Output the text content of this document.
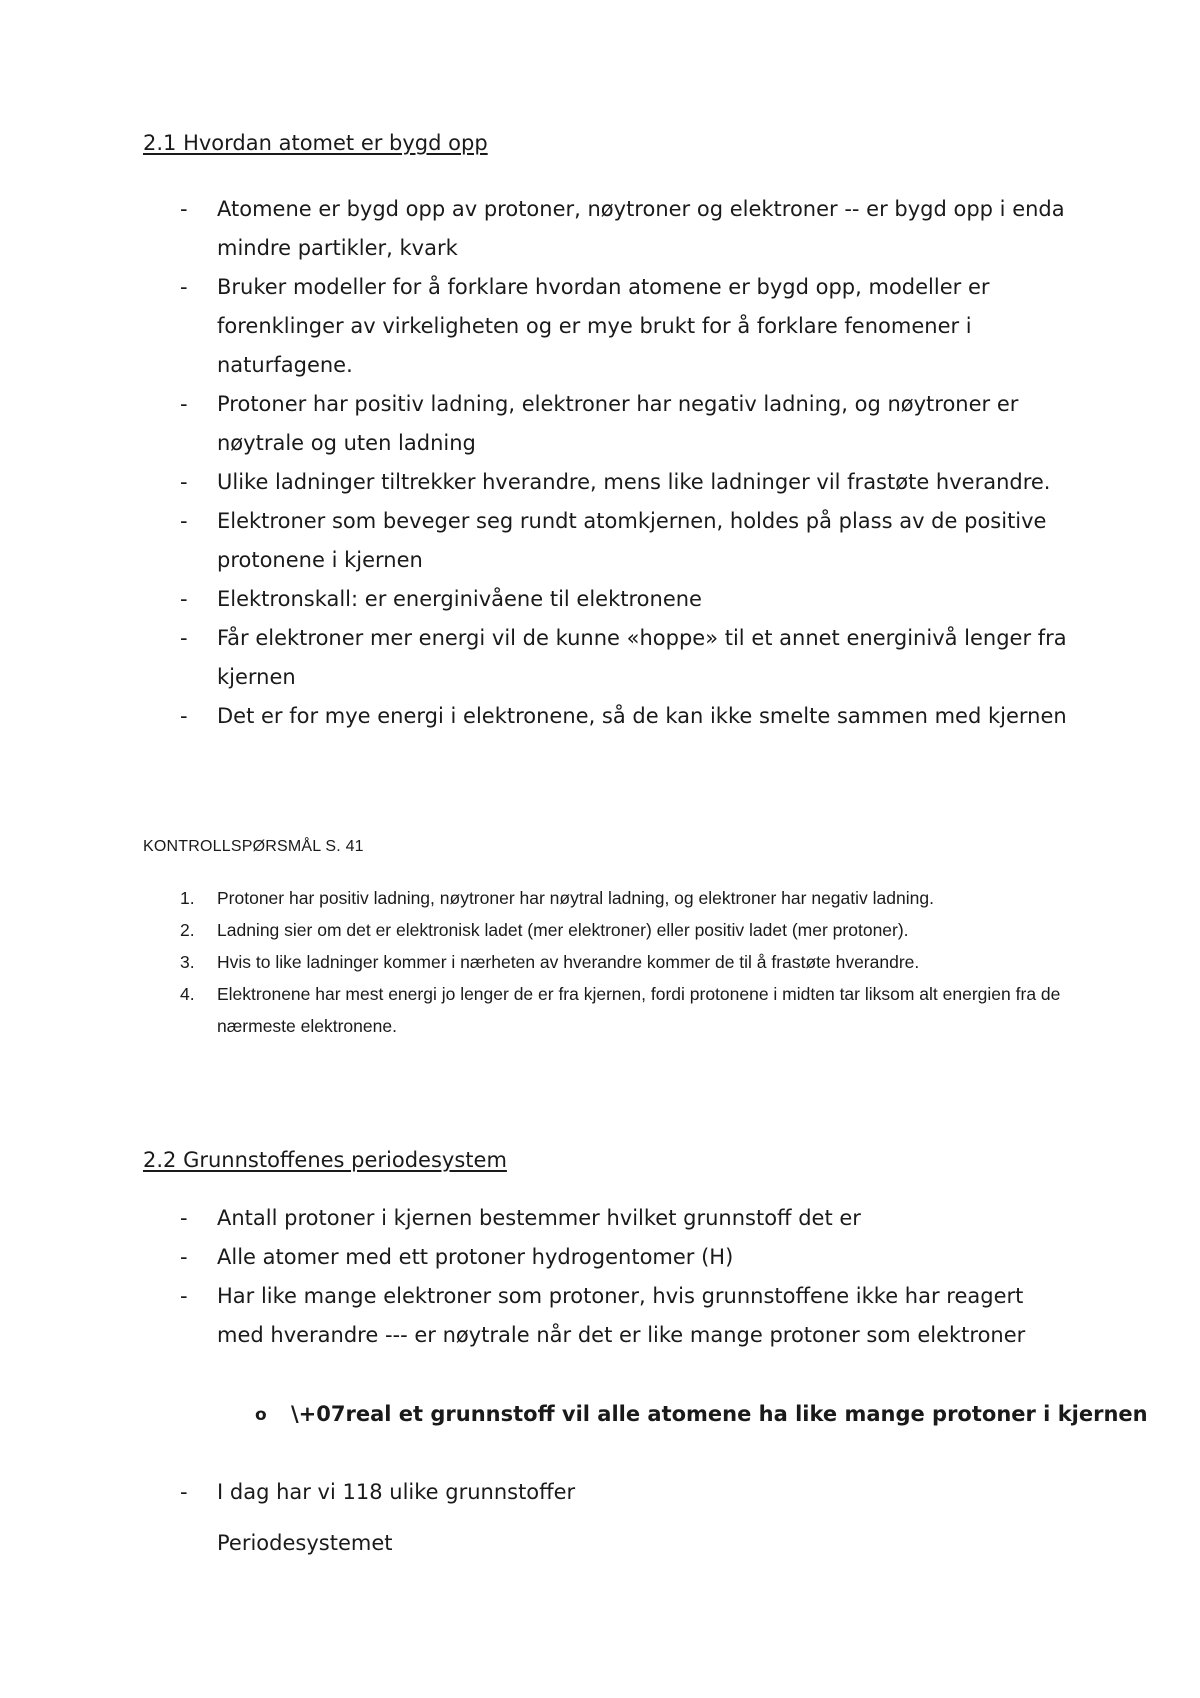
2.1 Hvordan atomet er bygd opp
- Atomene er bygd opp av protoner, nøytroner og elektroner -- er bygd opp i enda mindre partikler, kvark
- Bruker modeller for å forklare hvordan atomene er bygd opp, modeller er forenklinger av virkeligheten og er mye brukt for å forklare fenomener i naturfagene.
- Protoner har positiv ladning, elektroner har negativ ladning, og nøytroner er nøytrale og uten ladning
- Ulike ladninger tiltrekker hverandre, mens like ladninger vil frastøte hverandre.
- Elektroner som beveger seg rundt atomkjernen, holdes på plass av de positive protonene i kjernen
- Elektronskall: er energinivåene til elektronene
- Får elektroner mer energi vil de kunne «hoppe» til et annet energinivå lenger fra kjernen
- Det er for mye energi i elektronene, så de kan ikke smelte sammen med kjernen
KONTROLLSPØRSMÅL S. 41
1. Protoner har positiv ladning, nøytroner har nøytral ladning, og elektroner har negativ ladning.
2. Ladning sier om det er elektronisk ladet (mer elektroner) eller positiv ladet (mer protoner).
3. Hvis to like ladninger kommer i nærheten av hverandre kommer de til å frastøte hverandre.
4. Elektronene har mest energi jo lenger de er fra kjernen, fordi protonene i midten tar liksom alt energien fra de nærmeste elektronene.
2.2 Grunnstoffenes periodesystem
- Antall protoner i kjernen bestemmer hvilket grunnstoff det er
- Alle atomer med ett protoner hydrogentomer (H)
- Har like mange elektroner som protoner, hvis grunnstoffene ikke har reagert med hverandre --- er nøytrale når det er like mange protoner som elektroner
o \+07real et grunnstoff vil alle atomene ha like mange protoner i kjernen
- I dag har vi 118 ulike grunnstoffer
Periodesystemet
